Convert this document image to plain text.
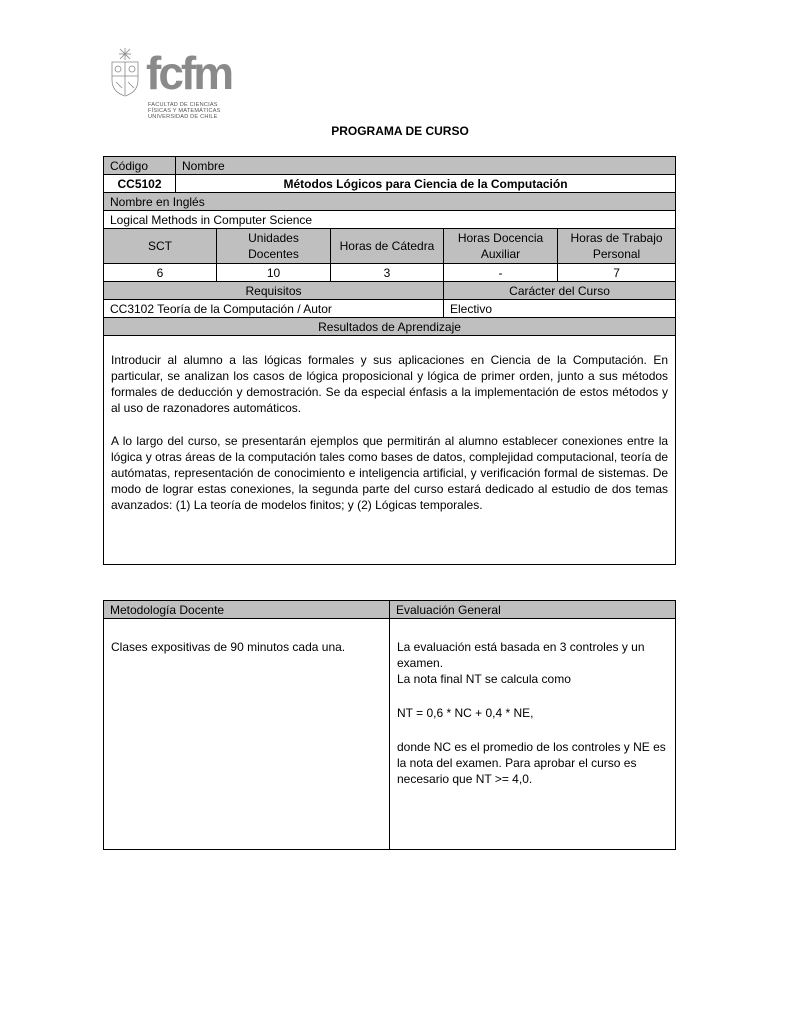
fcfm
FACULTAD DE CIENCIAS
FÍSICAS Y MATEMÁTICAS
UNIVERSIDAD DE CHILE
PROGRAMA DE CURSO
Código	Nombre				
CC5102	Métodos Lógicos para Ciencia de la Computación				
Nombre en Inglés					
Logical Methods in Computer Science					
SCT		Unidades Docentes	Horas de Cátedra	Horas Docencia Auxiliar	Horas de Trabajo Personal
6		10	3	-	7
Requisitos				Carácter del Curso	
CC3102 Teoría de la Computación / Autor				Electivo	
Resultados de Aprendizaje					

Introducir al alumno a las lógicas formales y sus aplicaciones en Ciencia de la Computación. En particular, se analizan los casos de lógica proposicional y lógica de primer orden, junto a sus métodos formales de deducción y demostración. Se da especial énfasis a la implementación de estos métodos y al uso de razonadores automáticos.

A lo largo del curso, se presentarán ejemplos que permitirán al alumno establecer conexiones entre la lógica y otras áreas de la computación tales como bases de datos, complejidad computacional, teoría de autómatas, representación de conocimiento e inteligencia artificial, y verificación formal de sistemas. De modo de lograr estas conexiones, la segunda parte del curso estará dedicado al estudio de dos temas avanzados: (1) La teoría de modelos finitos; y (2) Lógicas temporales.					

Metodología Docente	Evaluación General

Clases expositivas de 90 minutos cada una.	La evaluación está basada en 3 controles y un examen.
La nota final NT se calcula como
NT = 0,6 * NC + 0,4 * NE,
donde NC es el promedio de los controles y NE es la nota del examen. Para aprobar el curso es necesario que NT >= 4,0.
